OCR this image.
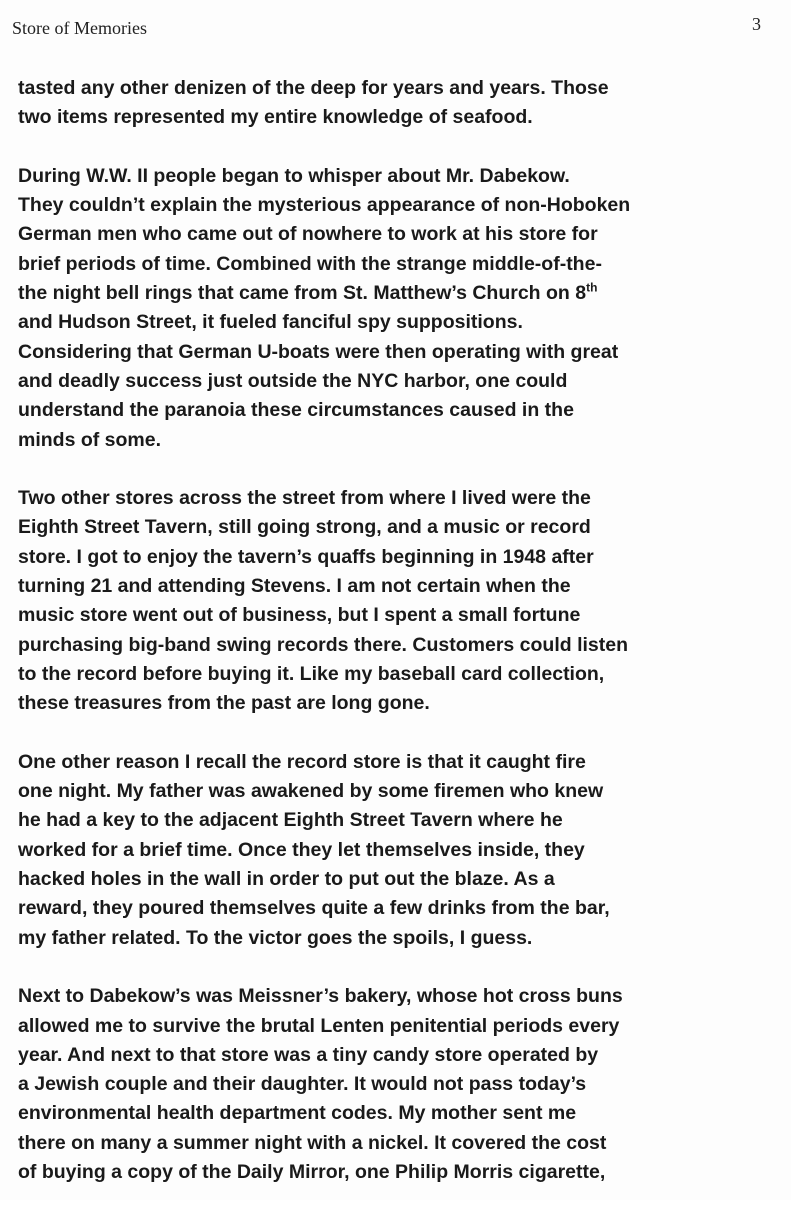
Store of Memories	3
tasted any other denizen of the deep for years and years. Those
two items represented my entire knowledge of seafood.
During W.W. II people began to whisper about Mr. Dabekow.
They couldn’t explain the mysterious appearance of non-Hoboken
German men who came out of nowhere to work at his store for
brief periods of time. Combined with the strange middle-of-the-
the night bell rings that came from St. Matthew’s Church on 8th
and Hudson Street, it fueled fanciful spy suppositions.
Considering that German U-boats were then operating with great
and deadly success just outside the NYC harbor, one could
understand the paranoia these circumstances caused in the
minds of some.
Two other stores across the street from where I lived were the
Eighth Street Tavern, still going strong, and a music or record
store. I got to enjoy the tavern’s quaffs beginning in 1948 after
turning 21 and attending Stevens. I am not certain when the
music store went out of business, but I spent a small fortune
purchasing big-band swing records there. Customers could listen
to the record before buying it. Like my baseball card collection,
these treasures from the past are long gone.
One other reason I recall the record store is that it caught fire
one night. My father was awakened by some firemen who knew
he had a key to the adjacent Eighth Street Tavern where he
worked for a brief time. Once they let themselves inside, they
hacked holes in the wall in order to put out the blaze. As a
reward, they poured themselves quite a few drinks from the bar,
my father related. To the victor goes the spoils, I guess.
Next to Dabekow’s was Meissner’s bakery, whose hot cross buns
allowed me to survive the brutal Lenten penitential periods every
year. And next to that store was a tiny candy store operated by
a Jewish couple and their daughter. It would not pass today’s
environmental health department codes. My mother sent me
there on many a summer night with a nickel. It covered the cost
of buying a copy of the Daily Mirror, one Philip Morris cigarette,
